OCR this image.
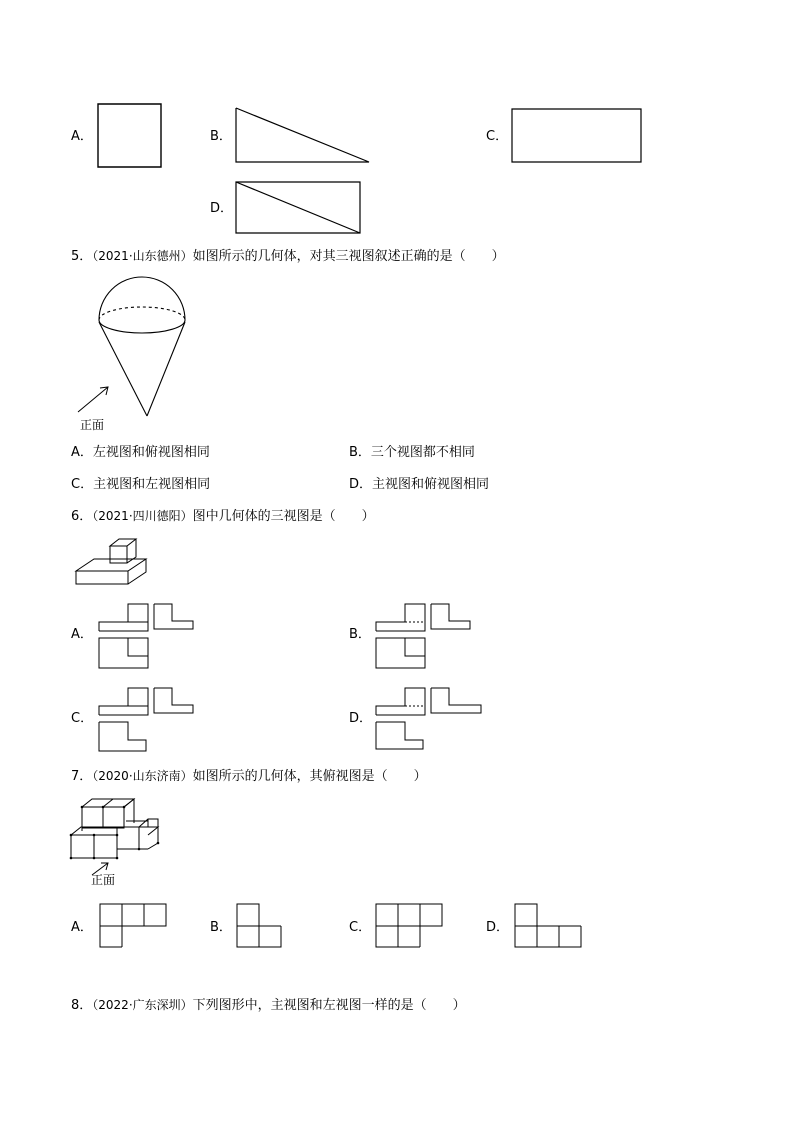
A．	B．	C．
D．
5．（2021·山东德州）如图所示的几何体，对其三视图叙述正确的是（　　）
正面
A．左视图和俯视图相同	B．三个视图都不相同
C．主视图和左视图相同	D．主视图和俯视图相同
6．（2021·四川德阳）图中几何体的三视图是（　　）
A．	B．
C．	D．
7．（2020·山东济南）如图所示的几何体，其俯视图是（　　）
正面
A．	B．	C．	D．
8．（2022·广东深圳）下列图形中，主视图和左视图一样的是（　　）
